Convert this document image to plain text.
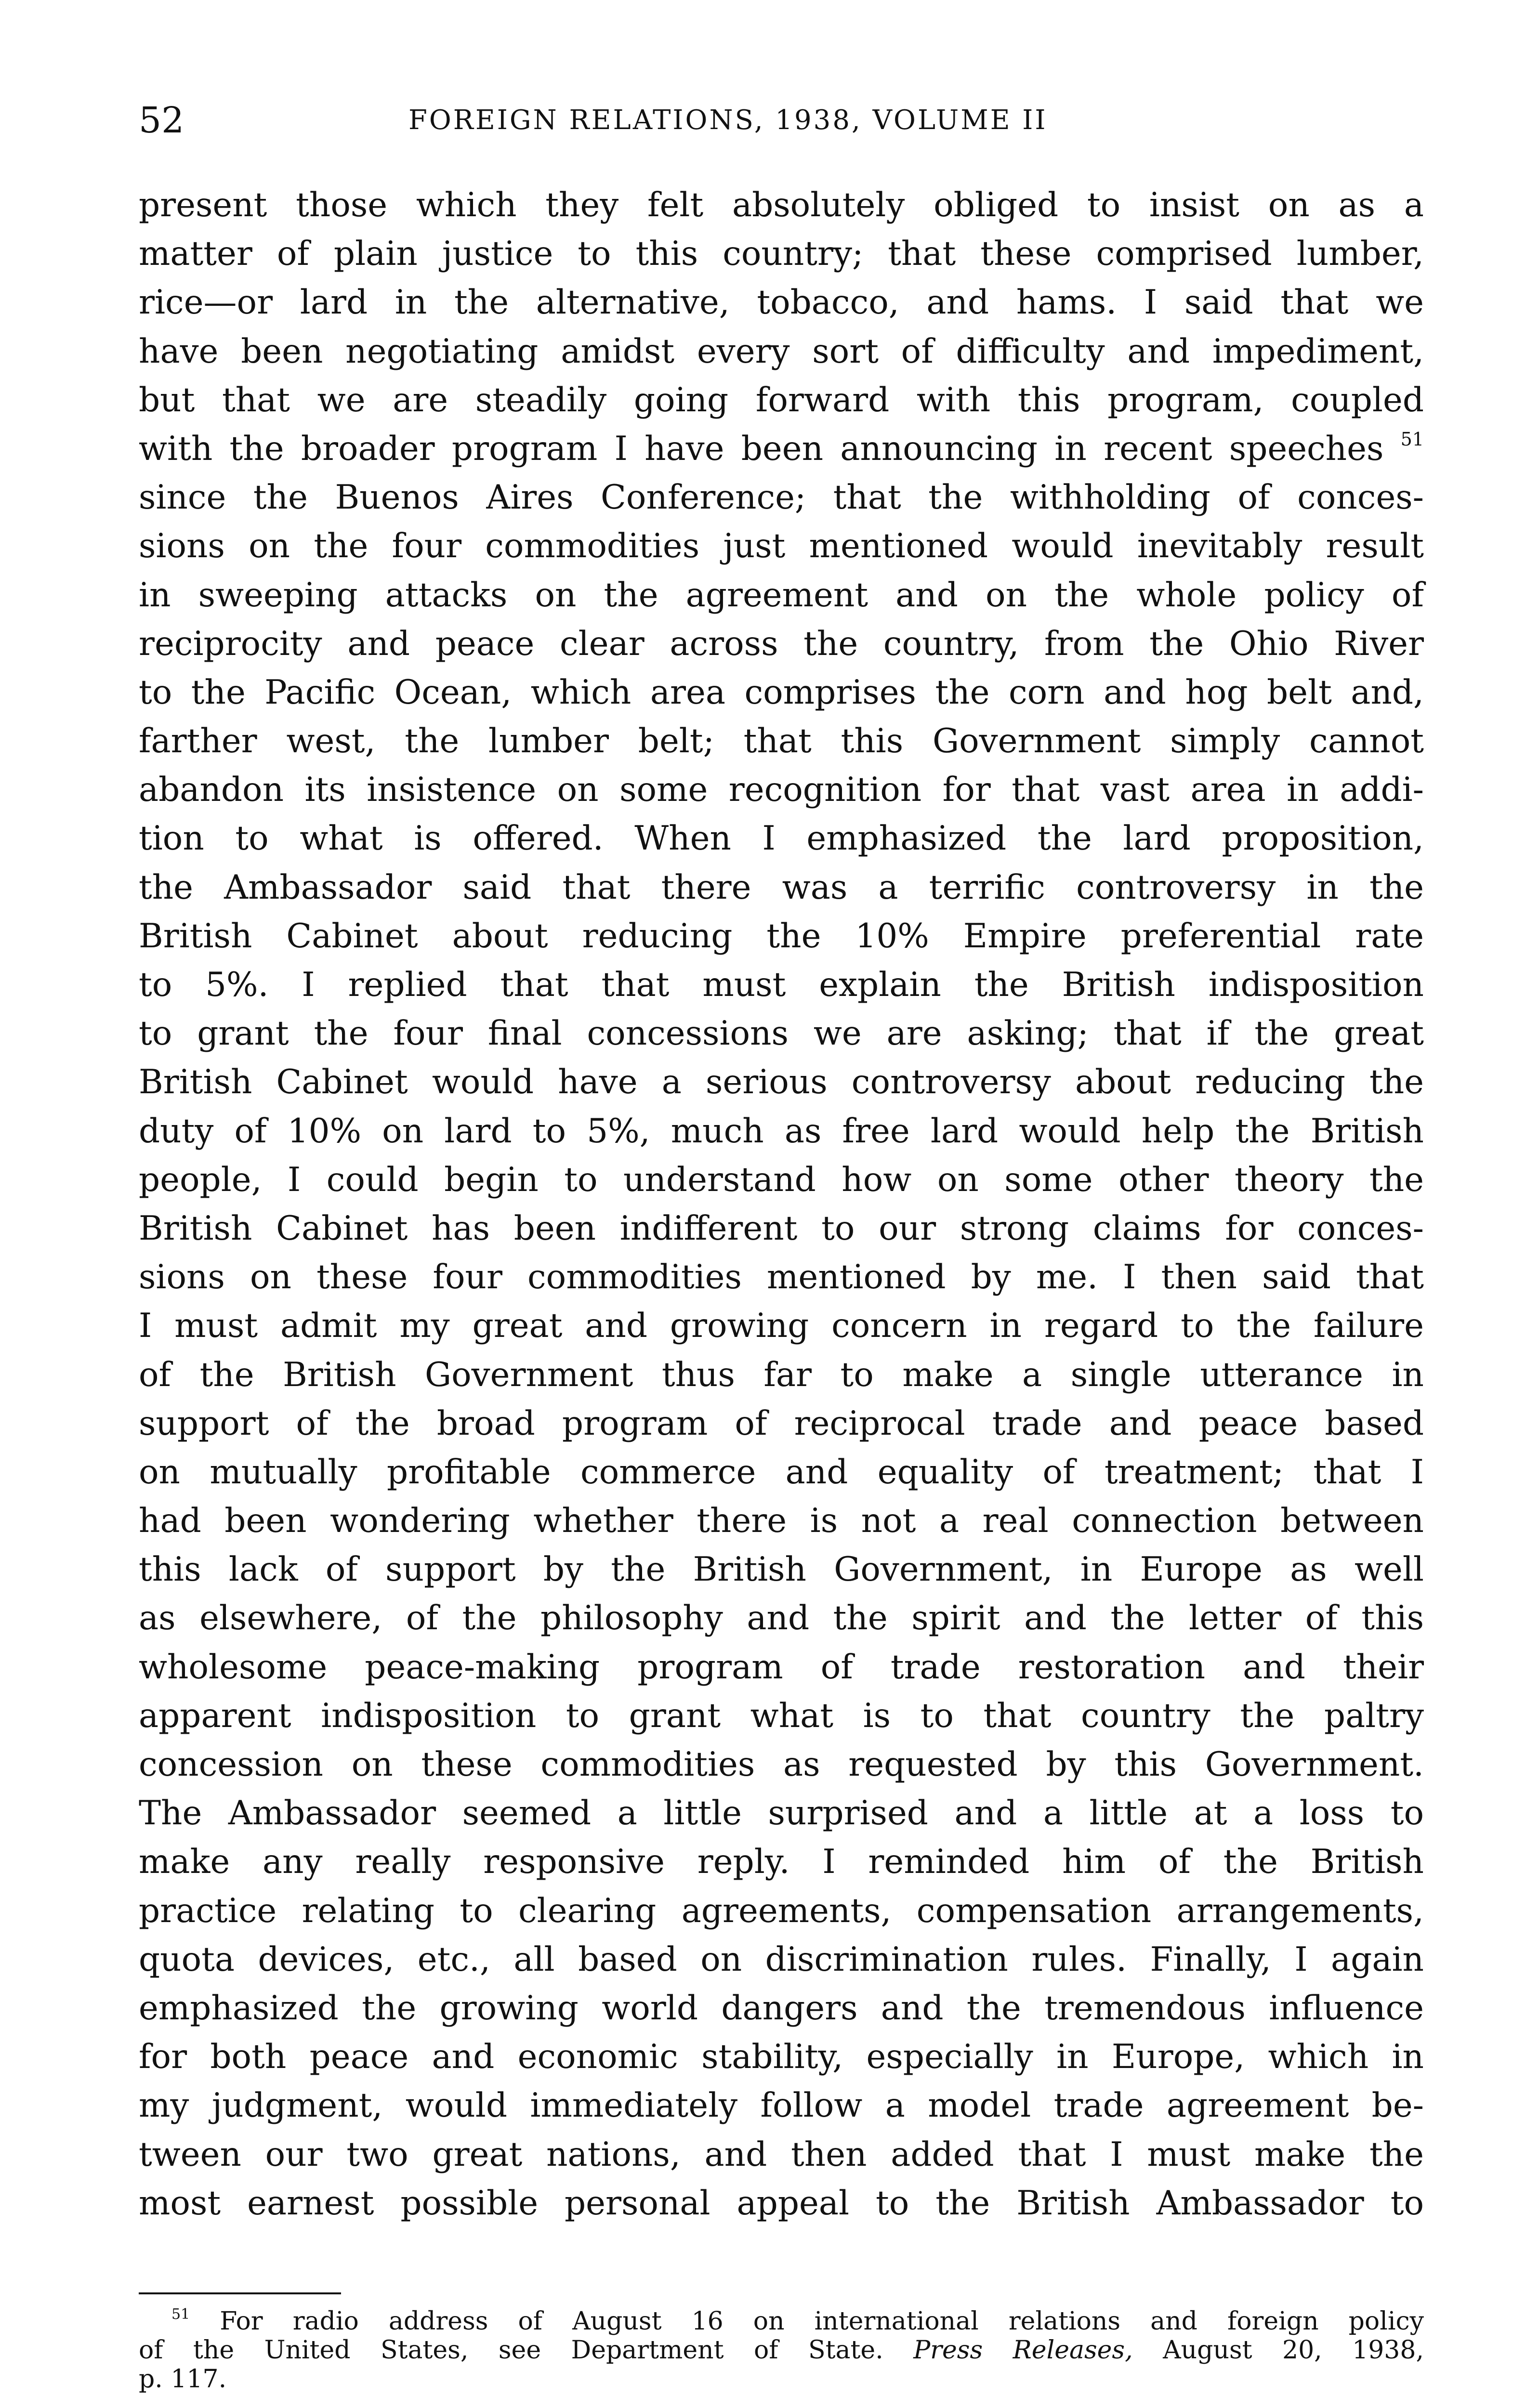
52	FOREIGN RELATIONS, 1938, VOLUME II
present those which they felt absolutely obliged to insist on as a
matter of plain justice to this country; that these comprised lumber,
rice—or lard in the alternative, tobacco, and hams. I said that we
have been negotiating amidst every sort of difficulty and impediment,
but that we are steadily going forward with this program, coupled
with the broader program I have been announcing in recent speeches $^{51}$
since the Buenos Aires Conference; that the withholding of conces-
sions on the four commodities just mentioned would inevitably result
in sweeping attacks on the agreement and on the whole policy of
reciprocity and peace clear across the country, from the Ohio River
to the Pacific Ocean, which area comprises the corn and hog belt and,
farther west, the lumber belt; that this Government simply cannot
abandon its insistence on some recognition for that vast area in addi-
tion to what is offered. When I emphasized the lard proposition,
the Ambassador said that there was a terrific controversy in the
British Cabinet about reducing the 10% Empire preferential rate
to 5%. I replied that that must explain the British indisposition
to grant the four final concessions we are asking; that if the great
British Cabinet would have a serious controversy about reducing the
duty of 10% on lard to 5%, much as free lard would help the British
people, I could begin to understand how on some other theory the
British Cabinet has been indifferent to our strong claims for conces-
sions on these four commodities mentioned by me. I then said that
I must admit my great and growing concern in regard to the failure
of the British Government thus far to make a single utterance in
support of the broad program of reciprocal trade and peace based
on mutually profitable commerce and equality of treatment; that I
had been wondering whether there is not a real connection between
this lack of support by the British Government, in Europe as well
as elsewhere, of the philosophy and the spirit and the letter of this
wholesome peace-making program of trade restoration and their
apparent indisposition to grant what is to that country the paltry
concession on these commodities as requested by this Government.
The Ambassador seemed a little surprised and a little at a loss to
make any really responsive reply. I reminded him of the British
practice relating to clearing agreements, compensation arrangements,
quota devices, etc., all based on discrimination rules. Finally, I again
emphasized the growing world dangers and the tremendous influence
for both peace and economic stability, especially in Europe, which in
my judgment, would immediately follow a model trade agreement be-
tween our two great nations, and then added that I must make the
most earnest possible personal appeal to the British Ambassador to
$^{51}$ For radio address of August 16 on international relations and foreign policy
of the United States, see Department of State. Press Releases, August 20, 1938,
p. 117.
